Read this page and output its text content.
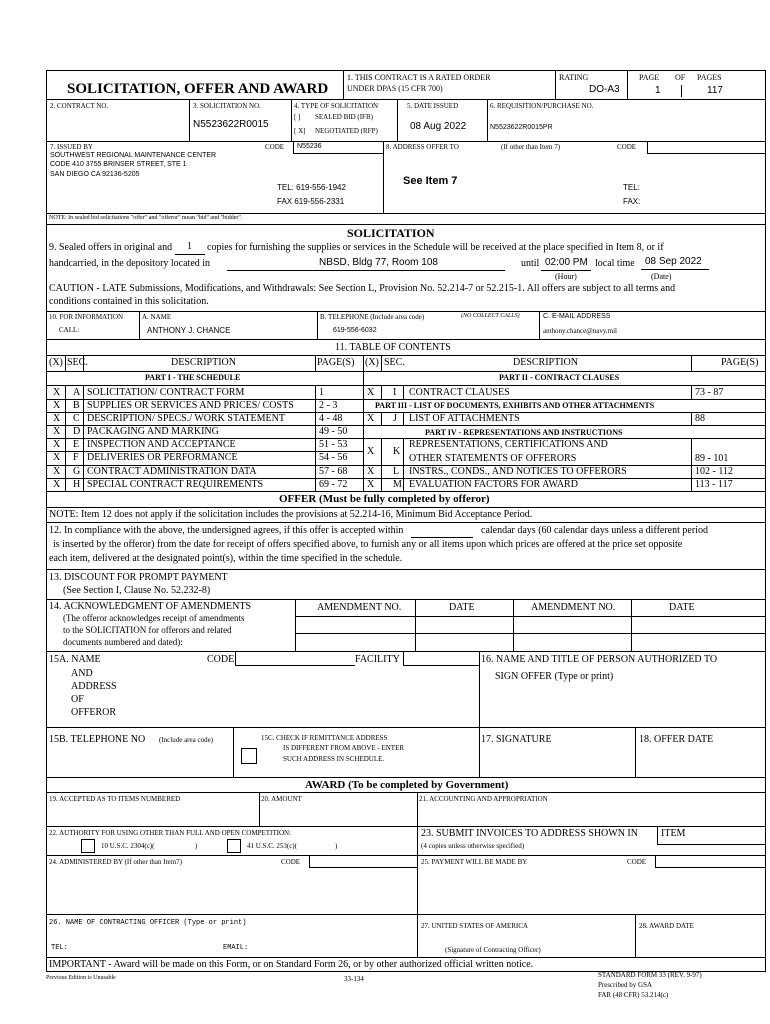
SOLICITATION, OFFER AND AWARD
1. THIS CONTRACT IS A RATED ORDER
UNDER DPAS (15 CFR 700)
RATING
DO-A3
PAGE OF PAGES
1	117
2. CONTRACT NO.	3. SOLICITATION NO.
N5523622R0015
4. TYPE OF SOLICITATION
[ ] SEALED BID (IFB)
[ X] NEGOTIATED (RFP)
5. DATE ISSUED
08 Aug 2022
6. REQUISITION/PURCHASE NO.
N5523622R0015PR
7. ISSUED BY	CODE N55236
SOUTHWEST REGIONAL MAINTENANCE CENTER
CODE 410 3755 BRINSER STREET, STE 1
SAN DIEGO CA 92136-5205
TEL: 619-556-1942
FAX 619-556-2331
8. ADDRESS OFFER TO	(If other than Item 7)	CODE
See Item 7
TEL:
FAX:
NOTE: In sealed bid solicitations "offer" and "offeror" mean "bid" and "bidder".
SOLICITATION
9. Sealed offers in original and 1 copies for furnishing the supplies or services in the Schedule will be received at the place specified in Item 8, or if
handcarried, in the depository located in	NBSD, Bldg 77, Room 108	until 02:00 PM local time 08 Sep 2022
(Hour)	(Date)
CAUTION - LATE Submissions, Modifications, and Withdrawals: See Section L, Provision No. 52.214-7 or 52.215-1. All offers are subject to all terms and
conditions contained in this solicitation.
10. FOR INFORMATION
CALL:
A. NAME
ANTHONY J. CHANCE
B. TELEPHONE (Include area code)	(NO COLLECT CALLS)
619-556-6032
C. E-MAIL ADDRESS
anthony.chance@navy.mil
11. TABLE OF CONTENTS
(X) SEC.	DESCRIPTION	PAGE(S) (X) SEC.	DESCRIPTION	PAGE(S)
PART I - THE SCHEDULE	PART II - CONTRACT CLAUSES
X A SOLICITATION/ CONTRACT FORM	1
X B SUPPLIES OR SERVICES AND PRICES/ COSTS	2 - 3
X C DESCRIPTION/ SPECS./ WORK STATEMENT	4 - 48
X D PACKAGING AND MARKING	49 - 50
X E INSPECTION AND ACCEPTANCE	51 - 53
X F DELIVERIES OR PERFORMANCE	54 - 56
X G CONTRACT ADMINISTRATION DATA	57 - 68
X H SPECIAL CONTRACT REQUIREMENTS	69 - 72
X I CONTRACT CLAUSES	73 - 87
PART III - LIST OF DOCUMENTS, EXHIBITS AND OTHER ATTACHMENTS
X J LIST OF ATTACHMENTS	88
PART IV - REPRESENTATIONS AND INSTRUCTIONS
X K
REPRESENTATIONS, CERTIFICATIONS AND
OTHER STATEMENTS OF OFFERORS	89 - 101
X L INSTRS., CONDS., AND NOTICES TO OFFERORS	102 - 112
X M EVALUATION FACTORS FOR AWARD	113 - 117
OFFER (Must be fully completed by offeror)
NOTE: Item 12 does not apply if the solicitation includes the provisions at 52.214-16, Minimum Bid Acceptance Period.
12. In compliance with the above, the undersigned agrees, if this offer is accepted within	calendar days (60 calendar days unless a different period
is inserted by the offeror) from the date for receipt of offers specified above, to furnish any or all items upon which prices are offered at the price set opposite
each item, delivered at the designated point(s), within the time specified in the schedule.
13. DISCOUNT FOR PROMPT PAYMENT
(See Section I, Clause No. 52.232-8)
14. ACKNOWLEDGMENT OF AMENDMENTS
(The offeror acknowledges receipt of amendments
to the SOLICITATION for offerors and related
documents numbered and dated):
AMENDMENT NO.	DATE	AMENDMENT NO.	DATE
15A. NAME
AND
ADDRESS
OF
OFFEROR
CODE	FACILITY	16. NAME AND TITLE OF PERSON AUTHORIZED TO
SIGN OFFER (Type or print)
15B. TELEPHONE NO (Include area code)	15C. CHECK IF REMITTANCE ADDRESS
IS DIFFERENT FROM ABOVE - ENTER
SUCH ADDRESS IN SCHEDULE.
17. SIGNATURE	18. OFFER DATE
AWARD (To be completed by Government)
19. ACCEPTED AS TO ITEMS NUMBERED	20. AMOUNT	21. ACCOUNTING AND APPROPRIATION
22. AUTHORITY FOR USING OTHER THAN FULL AND OPEN COMPETITION:
10 U.S.C. 2304(c)(	)	41 U.S.C. 253(c)(	)
23. SUBMIT INVOICES TO ADDRESS SHOWN IN
(4 copies unless otherwise specified)
ITEM
24. ADMINISTERED BY (If other than Item7)	CODE	25. PAYMENT WILL BE MADE BY	CODE
26. NAME OF CONTRACTING OFFICER (Type or print)
TEL:	EMAIL:
27. UNITED STATES OF AMERICA
(Signature of Contracting Officer)
28. AWARD DATE
IMPORTANT - Award will be made on this Form, or on Standard Form 26, or by other authorized official written notice.
Previous Edition is Unusable	33-134	STANDARD FORM 33 (REV. 9-97)
Prescribed by GSA
FAR (48 CFR) 53.214(c)
